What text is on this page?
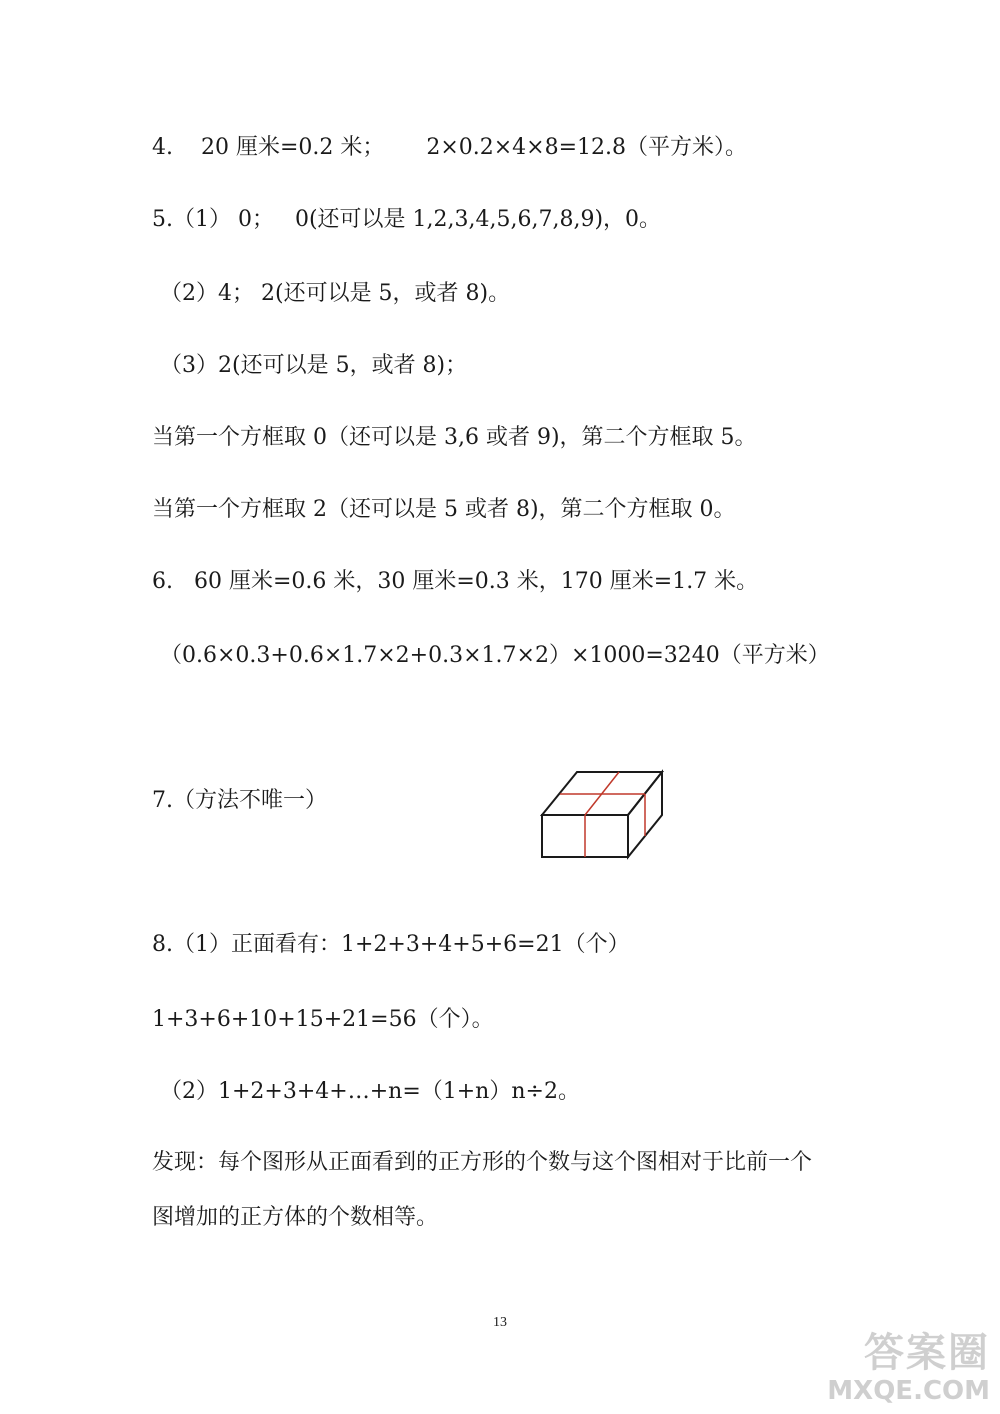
4.    20 厘米=0.2 米；      2×0.2×4×8=12.8（平方米）。

5.（1） 0；   0(还可以是 1,2,3,4,5,6,7,8,9)，0。

（2）4； 2(还可以是 5，或者 8)。

（3）2(还可以是 5，或者 8)；

当第一个方框取 0（还可以是 3,6 或者 9)，第二个方框取 5。

当第一个方框取 2（还可以是 5 或者 8)，第二个方框取 0。

6.   60 厘米=0.6 米，30 厘米=0.3 米，170 厘米=1.7 米。

（0.6×0.3+0.6×1.7×2+0.3×1.7×2）×1000=3240（平方米）

7.（方法不唯一）

8.（1）正面看有：1+2+3+4+5+6=21（个）

1+3+6+10+15+21=56（个）。

（2）1+2+3+4+…+n=（1+n）n÷2。

发现：每个图形从正面看到的正方形的个数与这个图相对于比前一个

图增加的正方体的个数相等。

13
答案圈
MXQE.COM
